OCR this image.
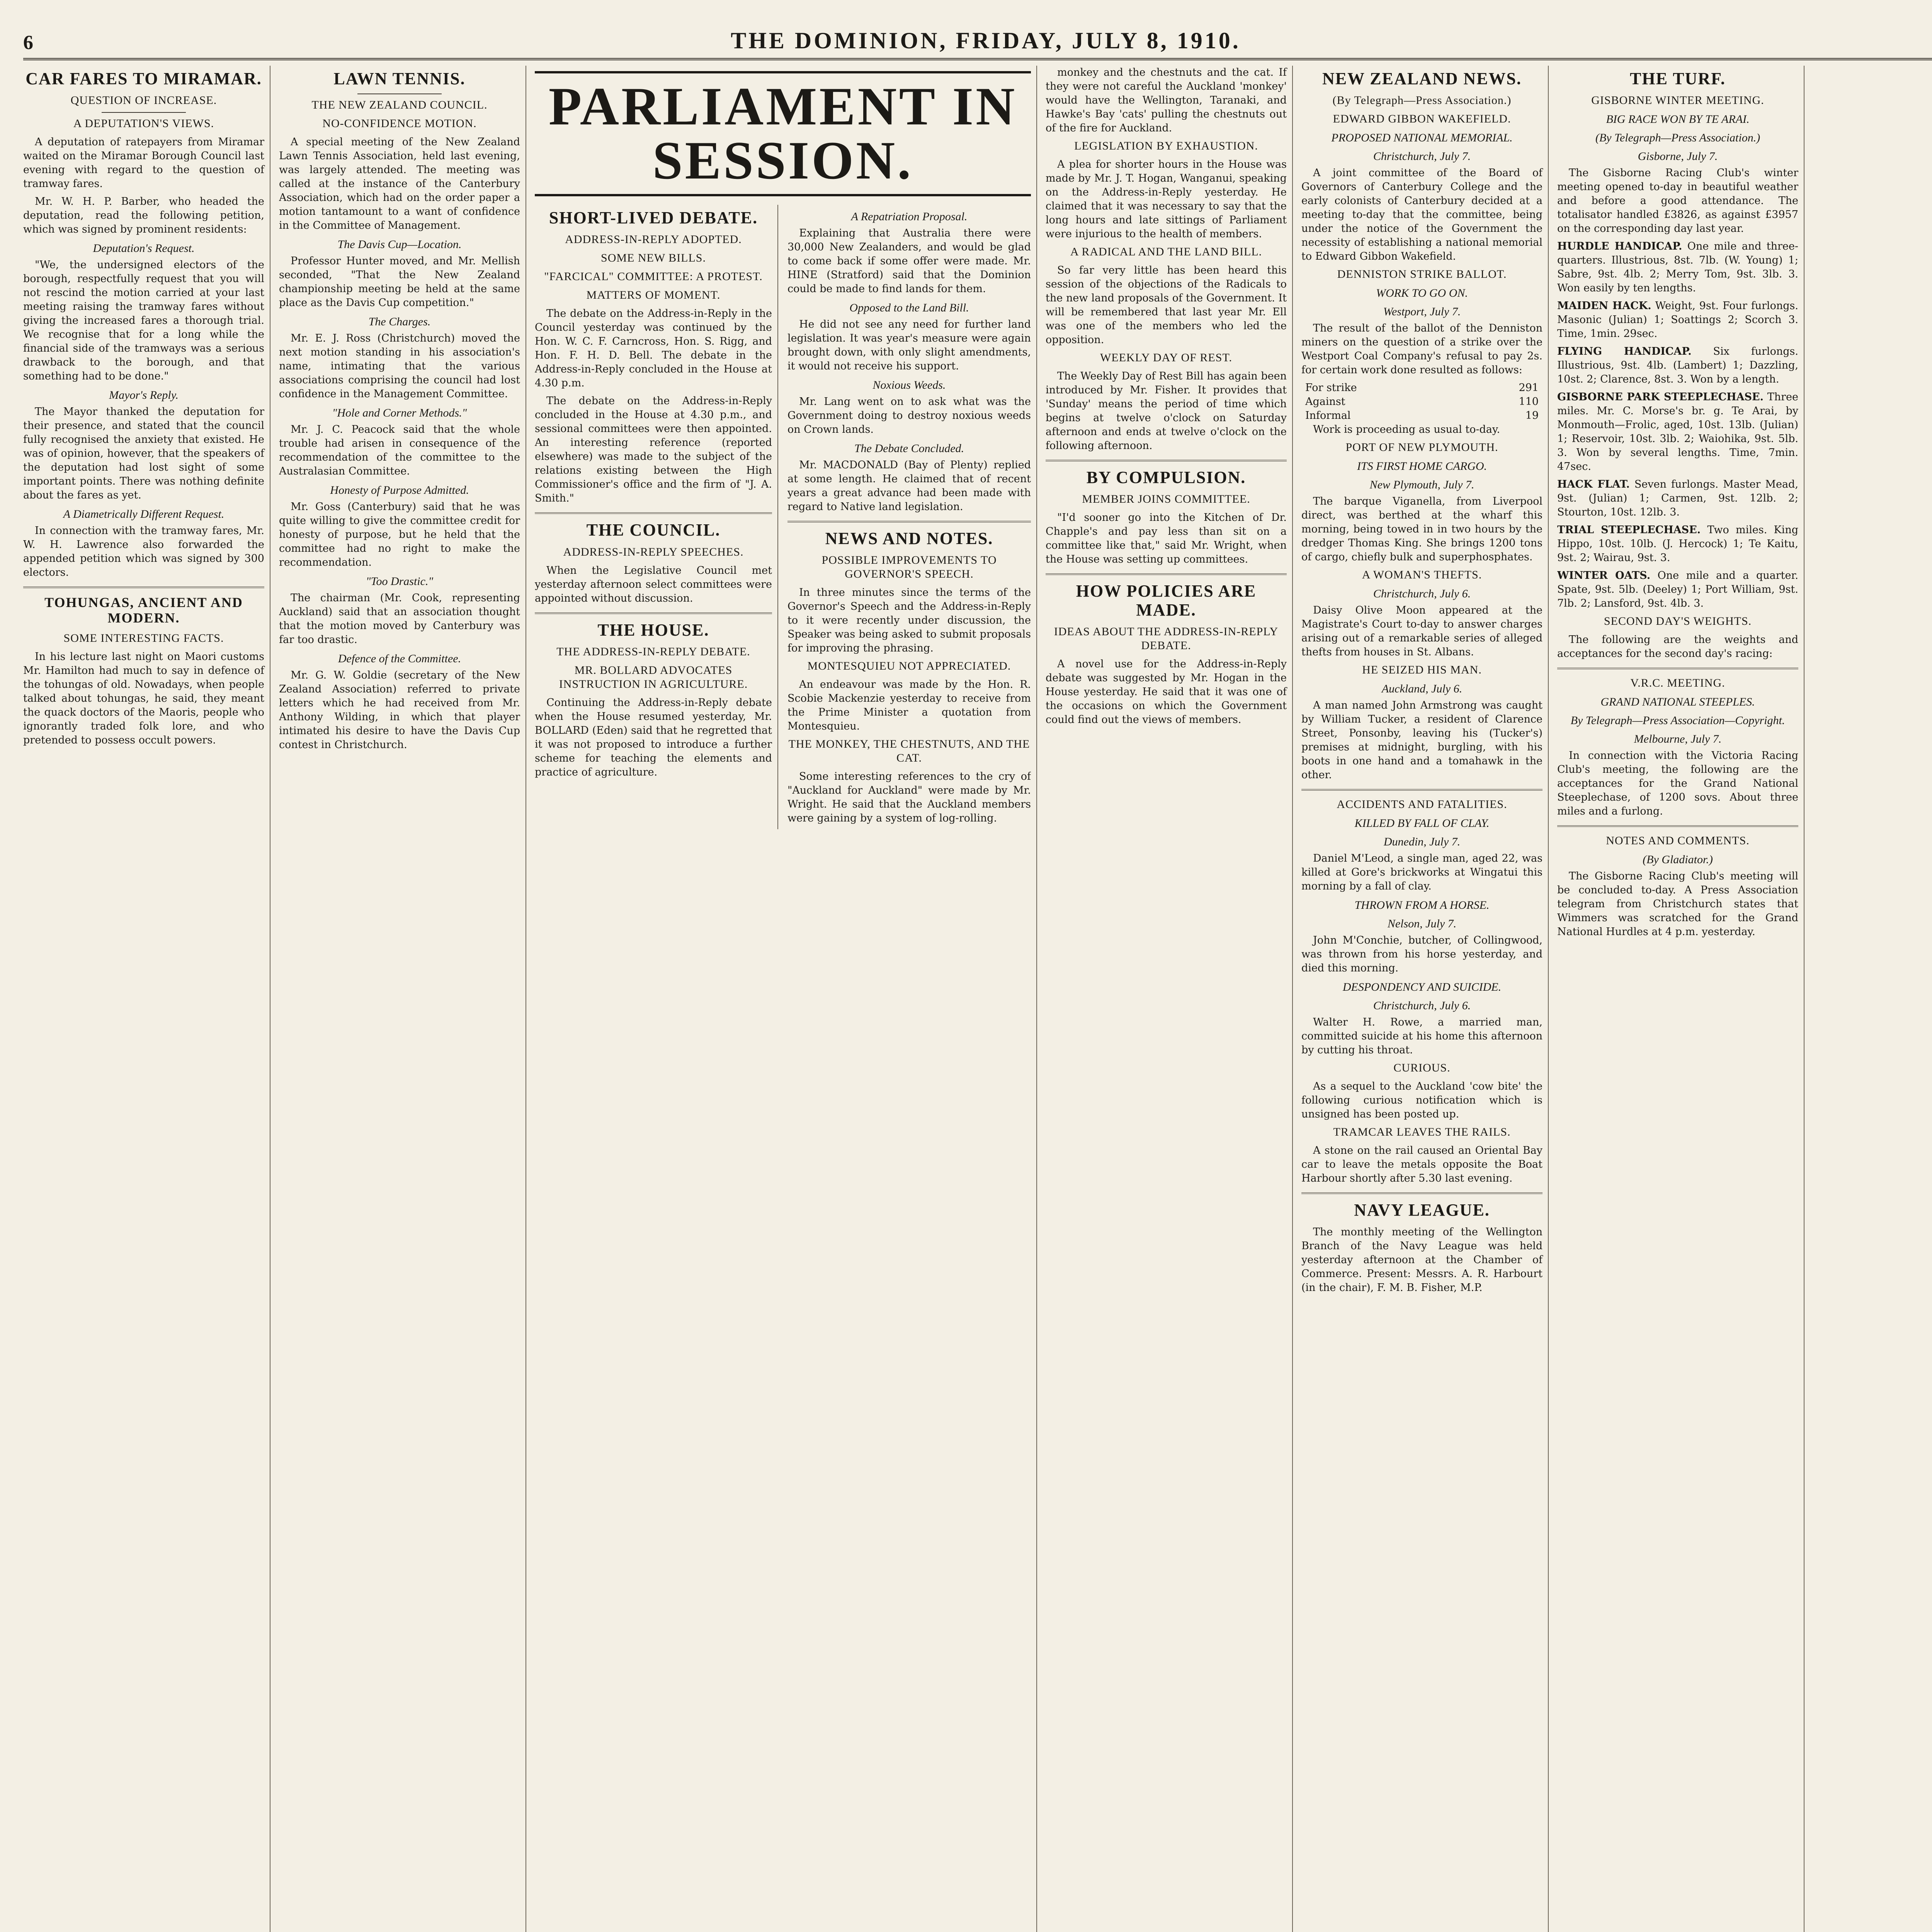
6	THE DOMINION, FRIDAY, JULY 8, 1910.
CAR FARES TO MIRAMAR.
QUESTION OF INCREASE.
A DEPUTATION'S VIEWS.

A deputation of ratepayers from Miramar waited on the Miramar Borough Council last evening with regard to the question of tramway fares.

Mr. W. H. P. Barber, who headed the deputation, read the following petition, which was signed by prominent residents:

Deputation's Request.

"We, the undersigned electors of the borough, respectfully request that you will not rescind the motion carried at your last meeting raising the tramway fares without giving the increased fares a thorough trial. We recognise that for a long while the financial side of the tramways was a serious drawback to the borough, and that something had to be done."

Mayor's Reply.

The Mayor thanked the deputation for their presence, and stated that the council fully recognised the anxiety that existed. He was of opinion, however, that the speakers of the deputation had lost sight of some important points. There was nothing definite about the fares as yet.

A Diametrically Different Request.

In connection with the tramway fares, Mr. W. H. Lawrence also forwarded the appended petition which was signed by 300 electors.

TOHUNGAS, ANCIENT AND MODERN.
SOME INTERESTING FACTS.

In his lecture last night on Maori customs Mr. Hamilton had much to say in defence of the tohungas of old. Nowadays, when people talked about tohungas, he said, they meant the quack doctors of the Maoris, people who ignorantly traded folk lore, and who pretended to possess occult powers.

LAWN TENNIS.
THE NEW ZEALAND COUNCIL.
NO-CONFIDENCE MOTION.

A special meeting of the New Zealand Lawn Tennis Association, held last evening, was largely attended. The meeting was called at the instance of the Canterbury Association, which had on the order paper a motion tantamount to a want of confidence in the Committee of Management.

The Davis Cup—Location.

Professor Hunter moved, and Mr. Mellish seconded, "That the New Zealand championship meeting be held at the same place as the Davis Cup competition."

The Charges.

Mr. E. J. Ross (Christchurch) moved the next motion standing in his association's name, intimating that the various associations comprising the council had lost confidence in the Management Committee.

"Hole and Corner Methods."

Mr. J. C. Peacock said that the whole trouble had arisen in consequence of the recommendation of the committee to the Australasian Committee.

Honesty of Purpose Admitted.

Mr. Goss (Canterbury) said that he was quite willing to give the committee credit for honesty of purpose, but he held that the committee had no right to make the recommendation.

"Too Drastic."

The chairman (Mr. Cook, representing Auckland) said that an association thought that the motion moved by Canterbury was far too drastic.

Defence of the Committee.

Mr. G. W. Goldie (secretary of the New Zealand Association) referred to private letters which he had received from Mr. Anthony Wilding, in which that player intimated his desire to have the Davis Cup contest in Christchurch.

PARLIAMENT IN SESSION.
SHORT-LIVED DEBATE.
ADDRESS-IN-REPLY ADOPTED.
SOME NEW BILLS.
"FARCICAL" COMMITTEE: A PROTEST.
MATTERS OF MOMENT.

The debate on the Address-in-Reply in the Council yesterday was continued by the Hon. W. C. F. Carncross, Hon. S. Rigg, and Hon. F. H. D. Bell. The debate in the Address-in-Reply concluded in the House at 4.30 p.m.

The debate on the Address-in-Reply concluded in the House at 4.30 p.m., and sessional committees were then appointed. An interesting reference (reported elsewhere) was made to the subject of the relations existing between the High Commissioner's office and the firm of "J. A. Smith."

THE COUNCIL.
ADDRESS-IN-REPLY SPEECHES.

When the Legislative Council met yesterday afternoon select committees were appointed without discussion.

THE HOUSE.
THE ADDRESS-IN-REPLY DEBATE.
MR. BOLLARD ADVOCATES INSTRUCTION IN AGRICULTURE.

Continuing the Address-in-Reply debate when the House resumed yesterday, Mr. BOLLARD (Eden) said that he regretted that it was not proposed to introduce a further scheme for teaching the elements and practice of agriculture.

A Repatriation Proposal.

Explaining that Australia there were 30,000 New Zealanders, and would be glad to come back if some offer were made. Mr. HINE (Stratford) said that the Dominion could be made to find lands for them.

Opposed to the Land Bill.

He did not see any need for further land legislation. It was year's measure were again brought down, with only slight amendments, it would not receive his support.

Noxious Weeds.

Mr. Lang went on to ask what was the Government doing to destroy noxious weeds on Crown lands.

The Debate Concluded.

Mr. MACDONALD (Bay of Plenty) replied at some length. He claimed that of recent years a great advance had been made with regard to Native land legislation.

NEWS AND NOTES.
POSSIBLE IMPROVEMENTS TO GOVERNOR'S SPEECH.

In three minutes since the terms of the Governor's Speech and the Address-in-Reply to it were recently under discussion, the Speaker was being asked to submit proposals for improving the phrasing.

MONTESQUIEU NOT APPRECIATED.

An endeavour was made by the Hon. R. Scobie Mackenzie yesterday to receive from the Prime Minister a quotation from Montesquieu.

THE MONKEY, THE CHESTNUTS, AND THE CAT.

Some interesting references to the cry of "Auckland for Auckland" were made by Mr. Wright. He said that the Auckland members were gaining by a system of log-rolling.

monkey and the chestnuts and the cat. If they were not careful the Auckland 'monkey' would have the Wellington, Taranaki, and Hawke's Bay 'cats' pulling the chestnuts out of the fire for Auckland.

LEGISLATION BY EXHAUSTION.

A plea for shorter hours in the House was made by Mr. J. T. Hogan, Wanganui, speaking on the Address-in-Reply yesterday. He claimed that it was necessary to say that the long hours and late sittings of Parliament were injurious to the health of members.

A RADICAL AND THE LAND BILL.

So far very little has been heard this session of the objections of the Radicals to the new land proposals of the Government. It will be remembered that last year Mr. Ell was one of the members who led the opposition.

WEEKLY DAY OF REST.

The Weekly Day of Rest Bill has again been introduced by Mr. Fisher. It provides that 'Sunday' means the period of time which begins at twelve o'clock on Saturday afternoon and ends at twelve o'clock on the following afternoon.

BY COMPULSION.
MEMBER JOINS COMMITTEE.

"I'd sooner go into the Kitchen of Dr. Chapple's and pay less than sit on a committee like that," said Mr. Wright, when the House was setting up committees.

HOW POLICIES ARE MADE.
IDEAS ABOUT THE ADDRESS-IN-REPLY DEBATE.

A novel use for the Address-in-Reply debate was suggested by Mr. Hogan in the House yesterday. He said that it was one of the occasions on which the Government could find out the views of members.

NEW ZEALAND NEWS.
(By Telegraph—Press Association.)
EDWARD GIBBON WAKEFIELD.
PROPOSED NATIONAL MEMORIAL.
Christchurch, July 7.

A joint committee of the Board of Governors of Canterbury College and the early colonists of Canterbury decided at a meeting to-day that the committee, being under the notice of the Government the necessity of establishing a national memorial to Edward Gibbon Wakefield.

DENNISTON STRIKE BALLOT.
WORK TO GO ON.
Westport, July 7.

The result of the ballot of the Denniston miners on the question of a strike over the Westport Coal Company's refusal to pay 2s. for certain work done resulted as follows:

For strike	291
Against	110
Informal	19

Work is proceeding as usual to-day.

PORT OF NEW PLYMOUTH.
ITS FIRST HOME CARGO.
New Plymouth, July 7.

The barque Viganella, from Liverpool direct, was berthed at the wharf this morning, being towed in in two hours by the dredger Thomas King. She brings 1200 tons of cargo, chiefly bulk and superphosphates.

A WOMAN'S THEFTS.
Christchurch, July 6.

Daisy Olive Moon appeared at the Magistrate's Court to-day to answer charges arising out of a remarkable series of alleged thefts from houses in St. Albans.

HE SEIZED HIS MAN.
Auckland, July 6.

A man named John Armstrong was caught by William Tucker, a resident of Clarence Street, Ponsonby, leaving his (Tucker's) premises at midnight, burgling, with his boots in one hand and a tomahawk in the other.

ACCIDENTS AND FATALITIES.
KILLED BY FALL OF CLAY.
Dunedin, July 7.

Daniel M'Leod, a single man, aged 22, was killed at Gore's brickworks at Wingatui this morning by a fall of clay.

THROWN FROM A HORSE.
Nelson, July 7.

John M'Conchie, butcher, of Collingwood, was thrown from his horse yesterday, and died this morning.

DESPONDENCY AND SUICIDE.
Christchurch, July 6.

Walter H. Rowe, a married man, committed suicide at his home this afternoon by cutting his throat.

CURIOUS.

As a sequel to the Auckland 'cow bite' the following curious notification which is unsigned has been posted up.

TRAMCAR LEAVES THE RAILS.

A stone on the rail caused an Oriental Bay car to leave the metals opposite the Boat Harbour shortly after 5.30 last evening.

NAVY LEAGUE.

The monthly meeting of the Wellington Branch of the Navy League was held yesterday afternoon at the Chamber of Commerce. Present: Messrs. A. R. Harbourt (in the chair), F. M. B. Fisher, M.P.

THE TURF.
GISBORNE WINTER MEETING.
BIG RACE WON BY TE ARAI.
(By Telegraph—Press Association.)
Gisborne, July 7.

The Gisborne Racing Club's winter meeting opened to-day in beautiful weather and before a good attendance. The totalisator handled £3826, as against £3957 on the corresponding day last year.

HURDLE HANDICAP. One mile and three-quarters. Illustrious, 8st. 7lb. (W. Young) 1; Sabre, 9st. 4lb. 2; Merry Tom, 9st. 3lb. 3. Won easily by ten lengths.

MAIDEN HACK. Weight, 9st. Four furlongs. Masonic (Julian) 1; Soattings 2; Scorch 3. Time, 1min. 29sec.

FLYING HANDICAP. Six furlongs. Illustrious, 9st. 4lb. (Lambert) 1; Dazzling, 10st. 2; Clarence, 8st. 3. Won by a length.

GISBORNE PARK STEEPLECHASE. Three miles. Mr. C. Morse's br. g. Te Arai, by Monmouth—Frolic, aged, 10st. 13lb. (Julian) 1; Reservoir, 10st. 3lb. 2; Waiohika, 9st. 5lb. 3. Won by several lengths. Time, 7min. 47sec.

HACK FLAT. Seven furlongs. Master Mead, 9st. (Julian) 1; Carmen, 9st. 12lb. 2; Stourton, 10st. 12lb. 3.

TRIAL STEEPLECHASE. Two miles. King Hippo, 10st. 10lb. (J. Hercock) 1; Te Kaitu, 9st. 2; Wairau, 9st. 3.

WINTER OATS. One mile and a quarter. Spate, 9st. 5lb. (Deeley) 1; Port William, 9st. 7lb. 2; Lansford, 9st. 4lb. 3.

SECOND DAY'S WEIGHTS.

The following are the weights and acceptances for the second day's racing:

V.R.C. MEETING.
GRAND NATIONAL STEEPLES.
By Telegraph—Press Association—Copyright.
Melbourne, July 7.

In connection with the Victoria Racing Club's meeting, the following are the acceptances for the Grand National Steeplechase, of 1200 sovs. About three miles and a furlong.

NOTES AND COMMENTS.
(By Gladiator.)

The Gisborne Racing Club's meeting will be concluded to-day. A Press Association telegram from Christchurch states that Wimmers was scratched for the Grand National Hurdles at 4 p.m. yesterday.
